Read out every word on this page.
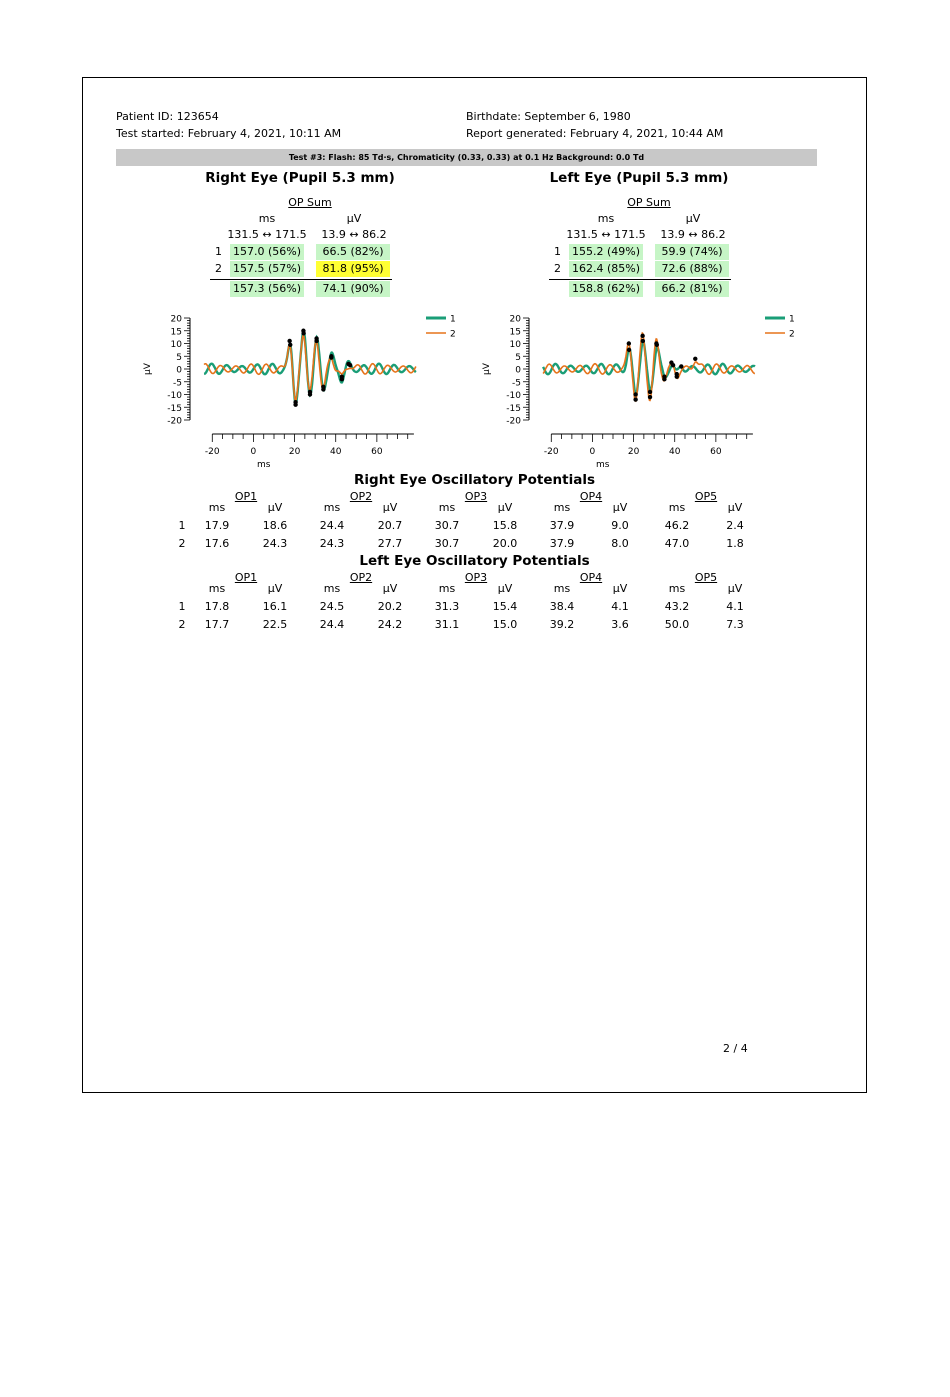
Patient ID: 123654
Test started: February 4, 2021, 10:11 AM
Birthdate: September 6, 1980
Report generated: February 4, 2021, 10:44 AM
Test #3: Flash: 85 Td·s, Chromaticity (0.33, 0.33) at 0.1 Hz Background: 0.0 Td
Right Eye (Pupil 5.3 mm)
OP Sum
ms	µV
131.5 ↔ 171.5	13.9 ↔ 86.2
1 157.0 (56%)	66.5 (82%)
2 157.5 (57%)	81.8 (95%)
157.3 (56%)	74.1 (90%)
Left Eye (Pupil 5.3 mm)
OP Sum
ms	µV
131.5 ↔ 171.5	13.9 ↔ 86.2
1 155.2 (49%)	59.9 (74%)
2 162.4 (85%)	72.6 (88%)
158.8 (62%)	66.2 (81%)
20
15
10
5
0
-5
-10
-15
-20
µV
-20	0	20	40	60
ms
1
2
20
15
10
5
0
-5
-10
-15
-20
µV
-20	0	20	40	60
ms
1
2
Right Eye Oscillatory Potentials
OP1
ms	µV
OP2
ms	µV
OP3
ms	µV
OP4
ms	µV
OP5
ms	µV
1	17.9	18.6	24.4	20.7	30.7	15.8	37.9	9.0	46.2	2.4
2	17.6	24.3	24.3	27.7	30.7	20.0	37.9	8.0	47.0	1.8
Left Eye Oscillatory Potentials
OP1
ms	µV
OP2
ms	µV
OP3
ms	µV
OP4
ms	µV
OP5
ms	µV
1	17.8	16.1	24.5	20.2	31.3	15.4	38.4	4.1	43.2	4.1
2	17.7	22.5	24.4	24.2	31.1	15.0	39.2	3.6	50.0	7.3
2 / 4
